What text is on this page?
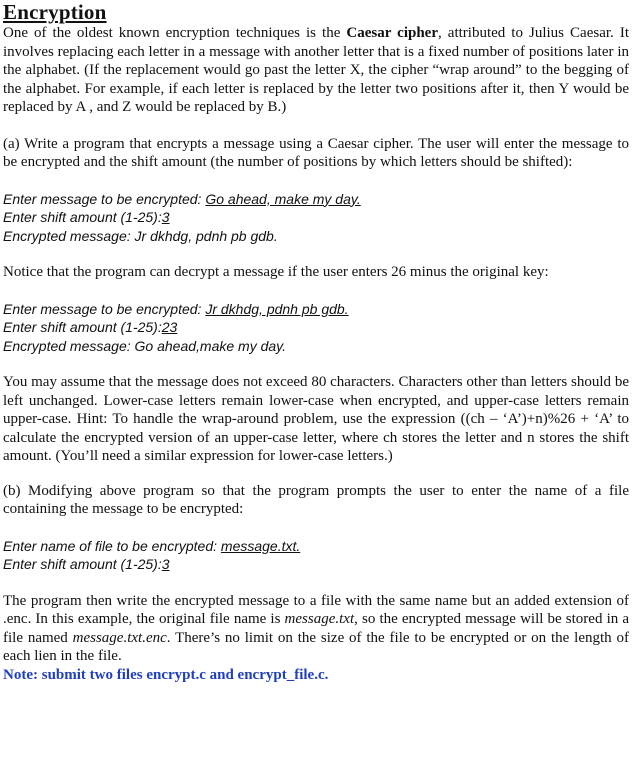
Encryption

One of the oldest known encryption techniques is the Caesar cipher, attributed to Julius Caesar. It involves replacing each letter in a message with another letter that is a fixed number of positions later in the alphabet. (If the replacement would go past the letter X, the cipher “wrap around” to the begging of the alphabet. For example, if each letter is replaced by the letter two positions after it, then Y would be replaced by A , and Z would be replaced by B.)

(a) Write a program that encrypts a message using a Caesar cipher. The user will enter the message to be encrypted and the shift amount (the number of positions by which letters should be shifted):

Enter message to be encrypted: Go ahead, make my day.

Enter shift amount (1-25):3

Encrypted message: Jr dkhdg, pdnh pb gdb.

Notice that the program can decrypt a message if the user enters 26 minus the original key:

Enter message to be encrypted: Jr dkhdg, pdnh pb gdb.

Enter shift amount (1-25):23

Encrypted message: Go ahead,make my day.

You may assume that the message does not exceed 80 characters. Characters other than letters should be left unchanged. Lower-case letters remain lower-case when encrypted, and upper-case letters remain upper-case. Hint: To handle the wrap-around problem, use the expression ((ch – ‘A’)+n)%26 + ‘A’ to calculate the encrypted version of an upper-case letter, where ch stores the letter and n stores the shift amount. (You’ll need a similar expression for lower-case letters.)

(b) Modifying above program so that the program prompts the user to enter the name of a file containing the message to be encrypted:

Enter name of file to be encrypted: message.txt.

Enter shift amount (1-25):3

The program then write the encrypted message to a file with the same name but an added extension of .enc. In this example, the original file name is message.txt, so the encrypted message will be stored in a file named message.txt.enc. There’s no limit on the size of the file to be encrypted or on the length of each lien in the file.

Note: submit two files encrypt.c and encrypt_file.c.
